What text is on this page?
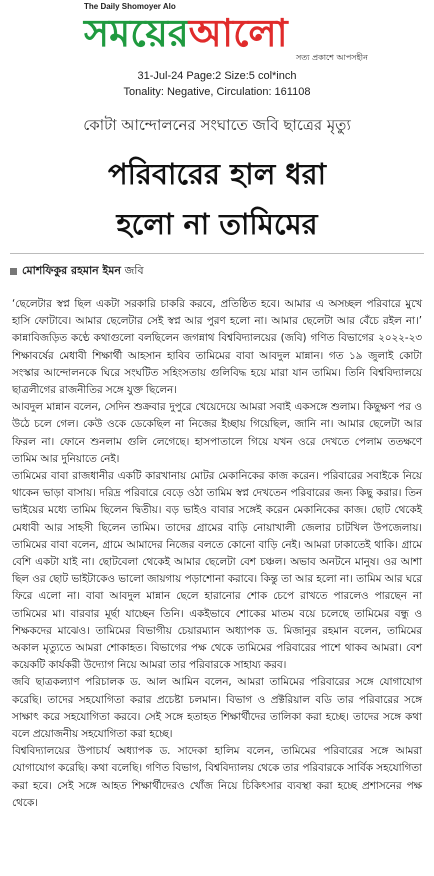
The Daily Shomoyer Alo
সময়েরআলো
সত্য প্রকাশে আপসহীন
31-Jul-24 Page:2 Size:5 col*inch
Tonality: Negative, Circulation: 161108
কোটা আন্দোলনের সংঘাতে জবি ছাত্রের মৃত্যু
পরিবারের হাল ধরা
হলো না তামিমের
মোশফিকুর রহমান ইমন জবি

‘ছেলেটার স্বপ্ন ছিল একটা সরকারি চাকরি করবে, প্রতিষ্ঠিত হবে। আমার এ অসচ্ছল পরিবারে মুখে হাসি ফোটাবে। আমার ছেলেটার সেই স্বপ্ন আর পুরণ হলো না। আমার ছেলেটা আর বেঁচে রইল না।’ কান্নাবিজড়িত কণ্ঠে কথাগুলো বলছিলেন জগন্নাথ বিশ্ববিদ্যালয়ের (জবি) গণিত বিভাগের ২০২২-২৩ শিক্ষাবর্ষের মেধাবী শিক্ষার্থী আহসান হাবিব তামিমের বাবা আবদুল মান্নান। গত ১৯ জুলাই কোটা সংস্কার আন্দোলনকে ঘিরে সংঘটিত সহিংসতায় গুলিবিদ্ধ হয়ে মারা যান তামিম। তিনি বিশ্ববিদ্যালয়ে ছাত্রলীগের রাজনীতির সঙ্গে যুক্ত ছিলেন।

আবদুল মান্নান বলেন, সেদিন শুক্রবার দুপুরে খেয়েদেয়ে আমরা সবাই একসঙ্গে শুলাম। কিছুক্ষণ পর ও উঠে চলে গেল। কেউ ওকে ডেকেছিল না নিজের ইচ্ছায় গিয়েছিল, জানি না। আমার ছেলেটা আর ফিরল না। ফোনে শুনলাম গুলি লেগেছে। হাসপাতালে গিয়ে যখন ওরে দেখতে পেলাম ততক্ষণে তামিম আর দুনিয়াতে নেই।

তামিমের বাবা রাজধানীর একটি কারখানায় মোটর মেকানিকের কাজ করেন। পরিবারের সবাইকে নিয়ে থাকেন ভাড়া বাসায়। দরিদ্র পরিবারে বেড়ে ওঠা তামিম স্বপ্ন দেখতেন পরিবারের জন্য কিছু করার। তিন ভাইয়ের মধ্যে তামিম ছিলেন দ্বিতীয়। বড় ভাইও বাবার সঙ্গেই করেন মেকানিকের কাজ। ছোট থেকেই মেধাবী আর সাহসী ছিলেন তামিম। তাদের গ্রামের বাড়ি নোয়াখালী জেলার চাটখিল উপজেলায়। তামিমের বাবা বলেন, গ্রামে আমাদের নিজের বলতে কোনো বাড়ি নেই। আমরা ঢাকাতেই থাকি। গ্রামে বেশি একটা যাই না। ছোটবেলা থেকেই আমার ছেলেটা বেশ চঞ্চল। অভাব অনটনে মানুষ। ওর আশা ছিল ওর ছোট ভাইটাকেও ভালো জায়গায় পড়াশোনা করাবে। কিন্তু তা আর হলো না। তামিম আর ঘরে ফিরে এলো না। বাবা আবদুল মান্নান ছেলে হারানোর শোক চেপে রাখতে পারলেও পারছেন না তামিমের মা। বারবার মূর্ছা যাচ্ছেন তিনি। একইভাবে শোকের মাতম বয়ে চলেছে তামিমের বন্ধু ও শিক্ষকদের মাঝেও। তামিমের বিভাগীয় চেয়ারম্যান অধ্যাপক ড. মিজানুর রহমান বলেন, তামিমের অকাল মৃত্যুতে আমরা শোকাহত। বিভাগের পক্ষ থেকে তামিমের পরিবারের পাশে থাকব আমরা। বেশ কয়েকটি কার্যকরী উদ্যোগ নিয়ে আমরা তার পরিবারকে সাহায্য করব।

জবি ছাত্রকল্যাণ পরিচালক ড. আল আমিন বলেন, আমরা তামিমের পরিবারের সঙ্গে যোগাযোগ করেছি। তাদের সহযোগিতা করার প্রচেষ্টা চলমান। বিভাগ ও প্রক্টরিয়াল বডি তার পরিবারের সঙ্গে সাক্ষাৎ করে সহযোগিতা করবে। সেই সঙ্গে হতাহত শিক্ষার্থীদের তালিকা করা হচ্ছে। তাদের সঙ্গে কথা বলে প্রয়োজনীয় সহযোগিতা করা হচ্ছে।

বিশ্ববিদ্যালয়ের উপাচার্য অধ্যাপক ড. সাদেকা হালিম বলেন, তামিমের পরিবারের সঙ্গে আমরা যোগাযোগ করেছি। কথা বলেছি। গণিত বিভাগ, বিশ্ববিদ্যালয় থেকে তার পরিবারকে সার্বিক সহযোগিতা করা হবে। সেই সঙ্গে আহত শিক্ষার্থীদেরও খোঁজ নিয়ে চিকিৎসার ব্যবস্থা করা হচ্ছে প্রশাসনের পক্ষ থেকে।
